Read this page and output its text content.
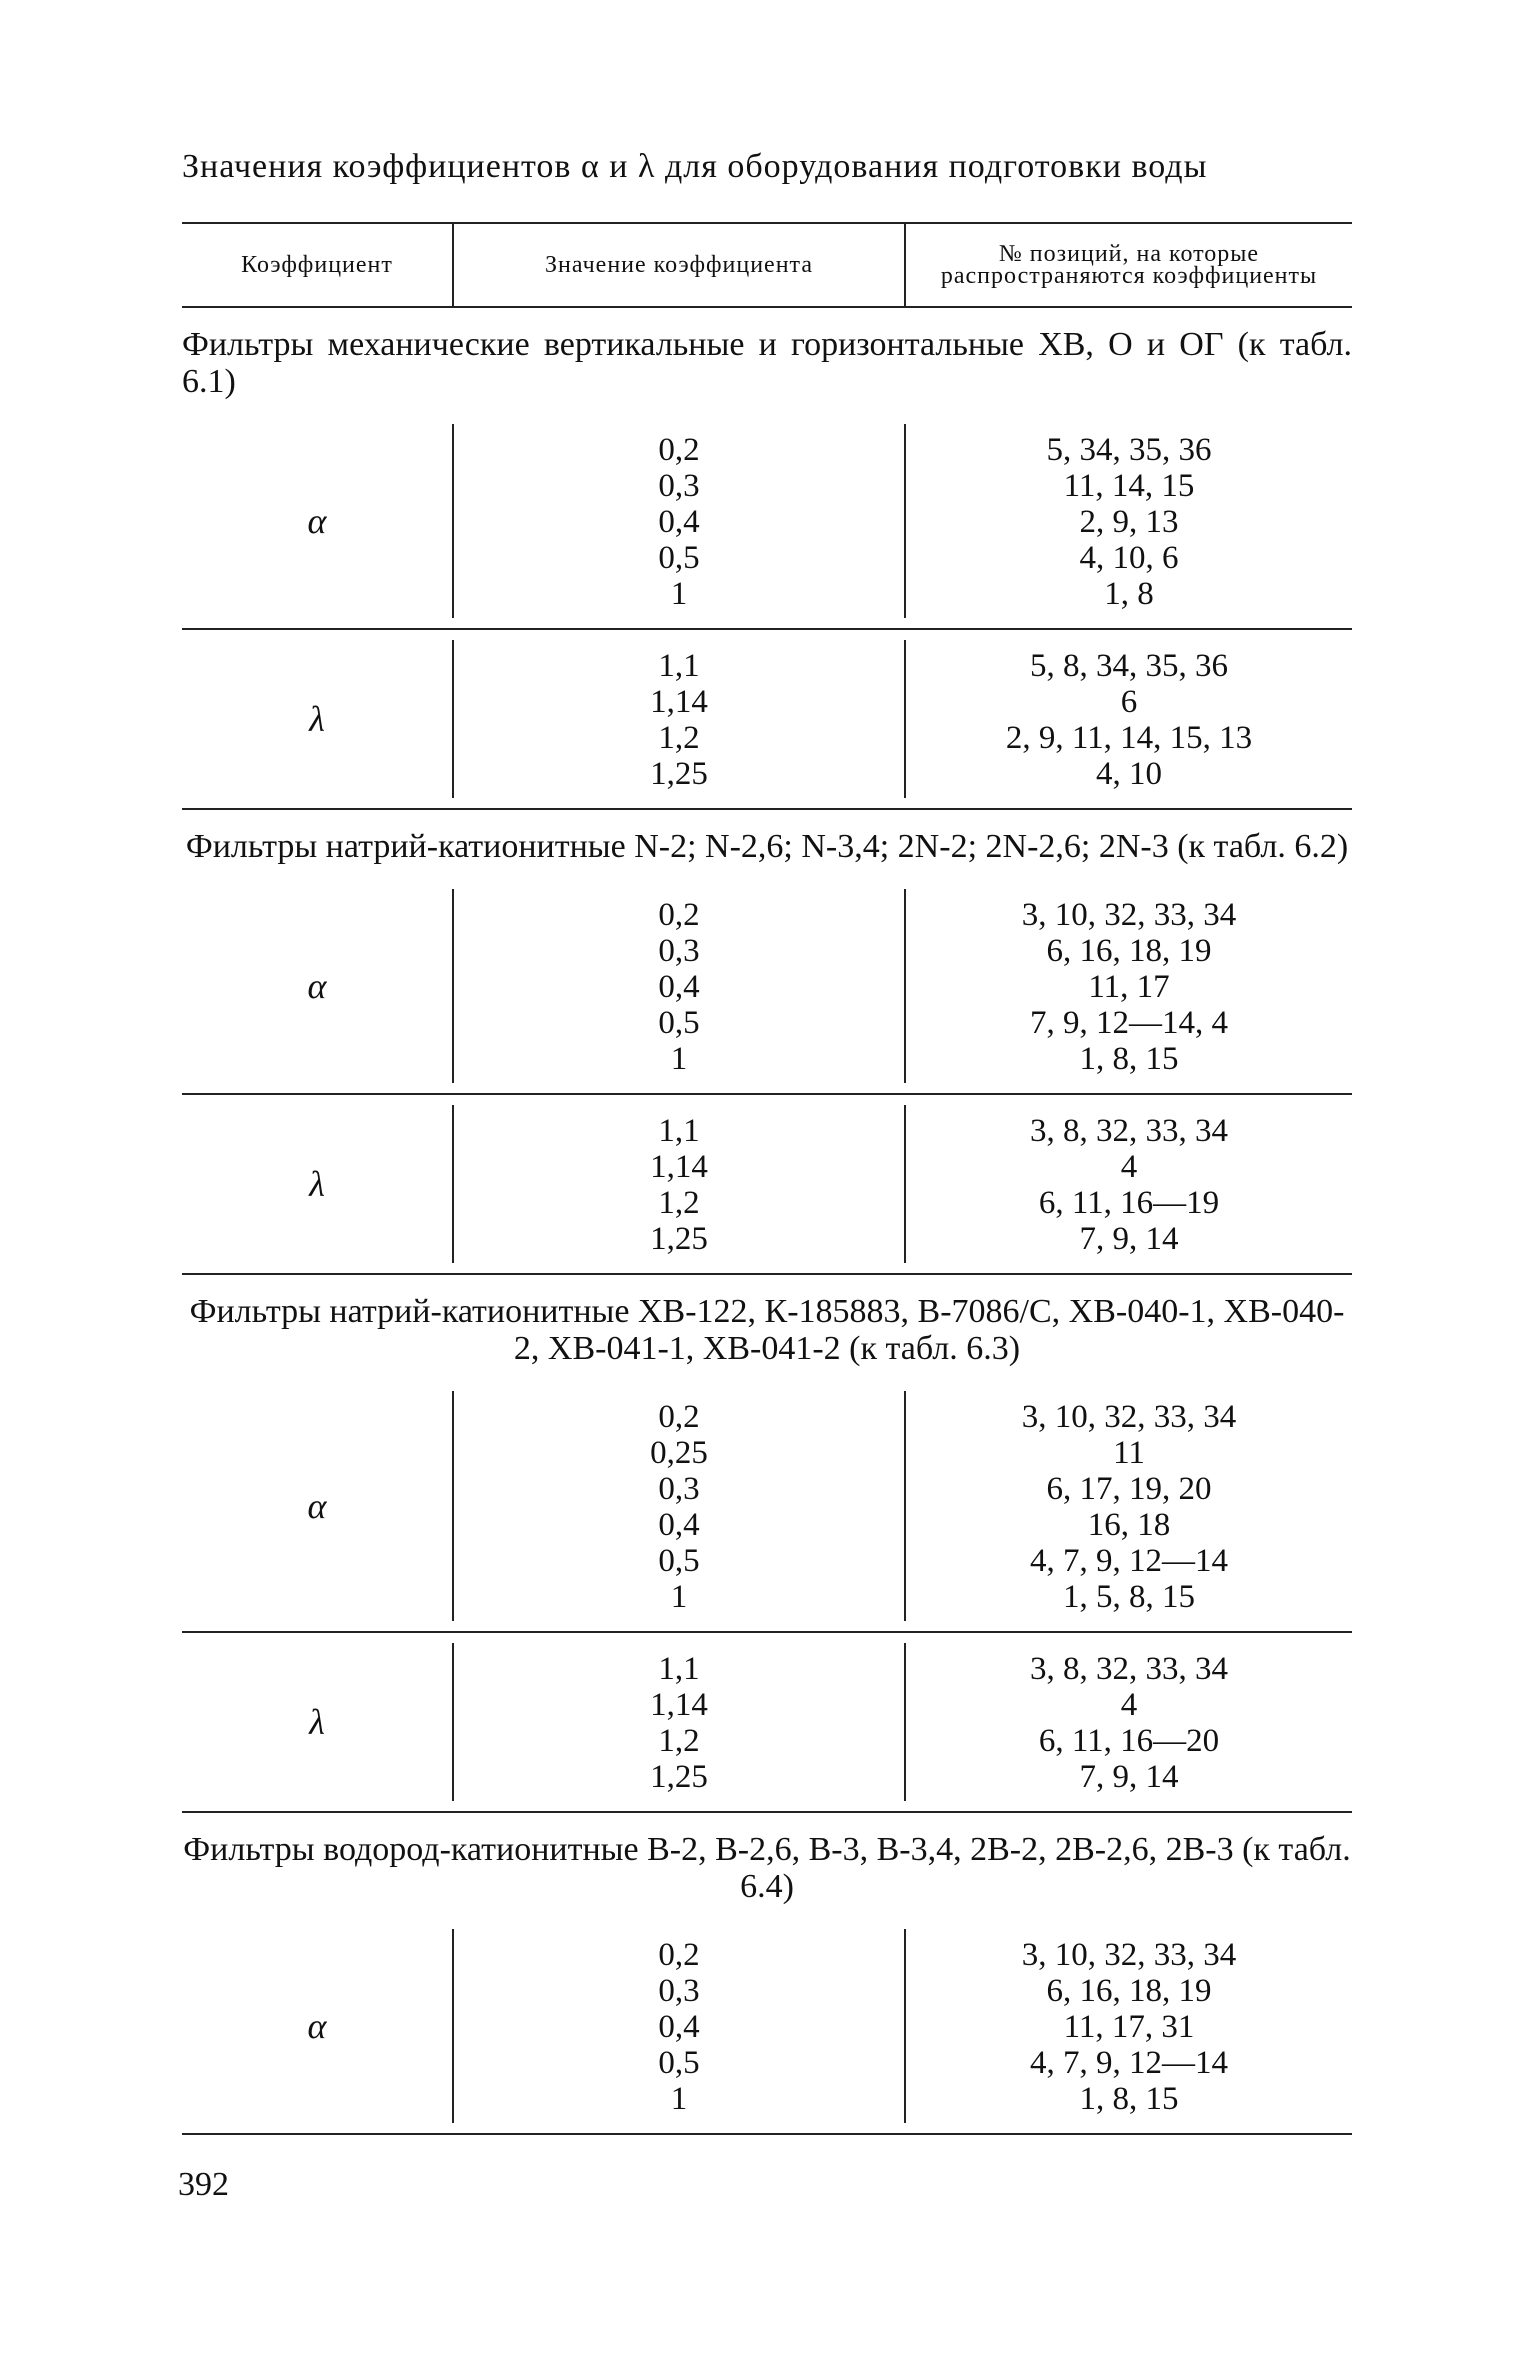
Значения коэффициентов α и λ для оборудования подготовки воды
Коэффициент	Значение коэффициента	№ позиций, на которые распространяются коэффициенты
Фильтры механические вертикальные и горизонтальные ХВ, О и ОГ (к табл. 6.1)
α
0,2
0,3
0,4
0,5
1
5, 34, 35, 36
11, 14, 15
2, 9, 13
4, 10, 6
1, 8
λ
1,1
1,14
1,2
1,25
5, 8, 34, 35, 36
6
2, 9, 11, 14, 15, 13
4, 10
Фильтры натрий-катионитные N-2; N-2,6; N-3,4; 2N-2; 2N-2,6; 2N-3 (к табл. 6.2)
α
0,2
0,3
0,4
0,5
1
3, 10, 32, 33, 34
6, 16, 18, 19
11, 17
7, 9, 12—14, 4
1, 8, 15
λ
1,1
1,14
1,2
1,25
3, 8, 32, 33, 34
4
6, 11, 16—19
7, 9, 14
Фильтры натрий-катионитные ХВ-122, К-185883, В-7086/С, ХВ-040-1, ХВ-040-2, ХВ-041-1, ХВ-041-2 (к табл. 6.3)
α
0,2
0,25
0,3
0,4
0,5
1
3, 10, 32, 33, 34
11
6, 17, 19, 20
16, 18
4, 7, 9, 12—14
1, 5, 8, 15
λ
1,1
1,14
1,2
1,25
3, 8, 32, 33, 34
4
6, 11, 16—20
7, 9, 14
Фильтры водород-катионитные В-2, В-2,6, В-3, В-3,4, 2В-2, 2В-2,6, 2В-3 (к табл. 6.4)
α
0,2
0,3
0,4
0,5
1
3, 10, 32, 33, 34
6, 16, 18, 19
11, 17, 31
4, 7, 9, 12—14
1, 8, 15
392
